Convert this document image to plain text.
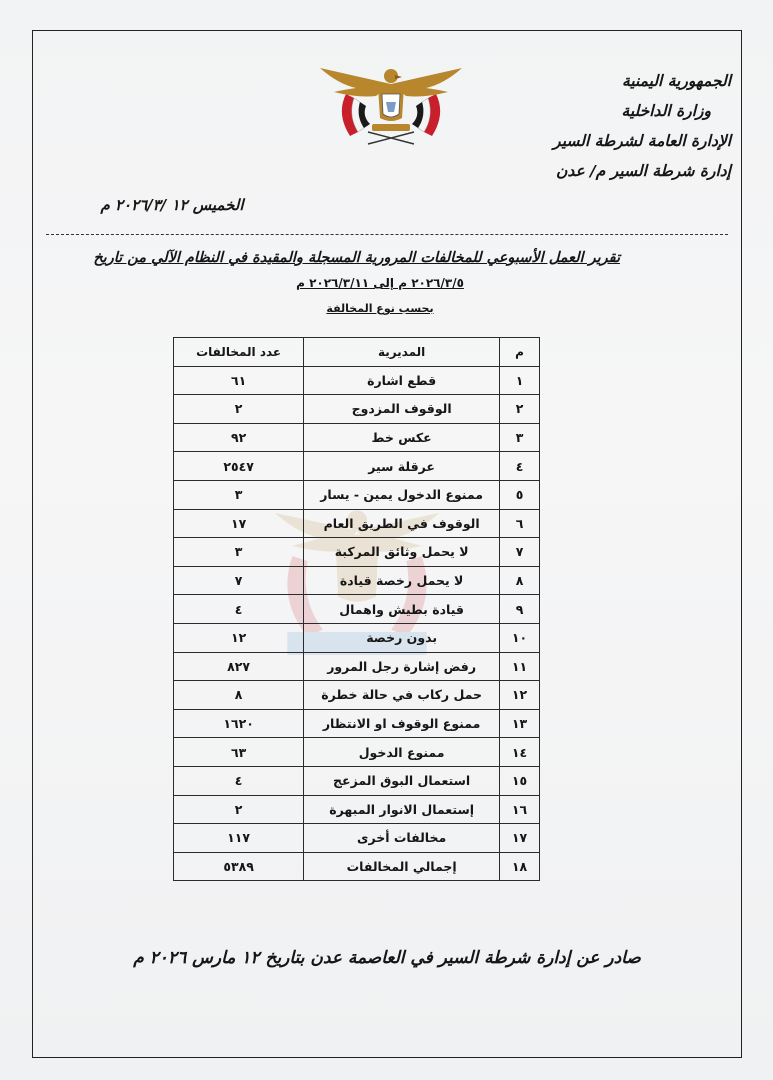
الجمهورية اليمنية
وزارة الداخلية
الإدارة العامة لشرطة السير
إدارة شرطة السير م/ عدن
الخميس ١٢ /٢٠٢٦/٣ م
تقرير العمل الأسبوعي للمخالفات المرورية المسجلة والمقيدة في النظام الآلي من تاريخ
٢٠٢٦/٣/٥ م إلى ٢٠٢٦/٣/١١ م
بحسب نوع المخالفة
م	المديرية	عدد المخالفات
١	قطع اشارة	٦١
٢	الوقوف المزدوج	٢
٣	عكس خط	٩٢
٤	عرقلة سير	٢٥٤٧
٥	ممنوع الدخول يمين - يسار	٣
٦	الوقوف في الطريق العام	١٧
٧	لا يحمل وثائق المركبة	٣
٨	لا يحمل رخصة قيادة	٧
٩	قيادة بطيش واهمال	٤
١٠	بدون رخصة	١٢
١١	رفض إشارة رجل المرور	٨٢٧
١٢	حمل ركاب في حالة خطرة	٨
١٣	ممنوع الوقوف او الانتظار	١٦٢٠
١٤	ممنوع الدخول	٦٣
١٥	استعمال البوق المزعج	٤
١٦	إستعمال الانوار المبهرة	٢
١٧	مخالفات أخرى	١١٧
١٨	إجمالي المخالفات	٥٣٨٩
صادر عن إدارة شرطة السير في العاصمة عدن بتاريخ ١٢ مارس ٢٠٢٦ م
